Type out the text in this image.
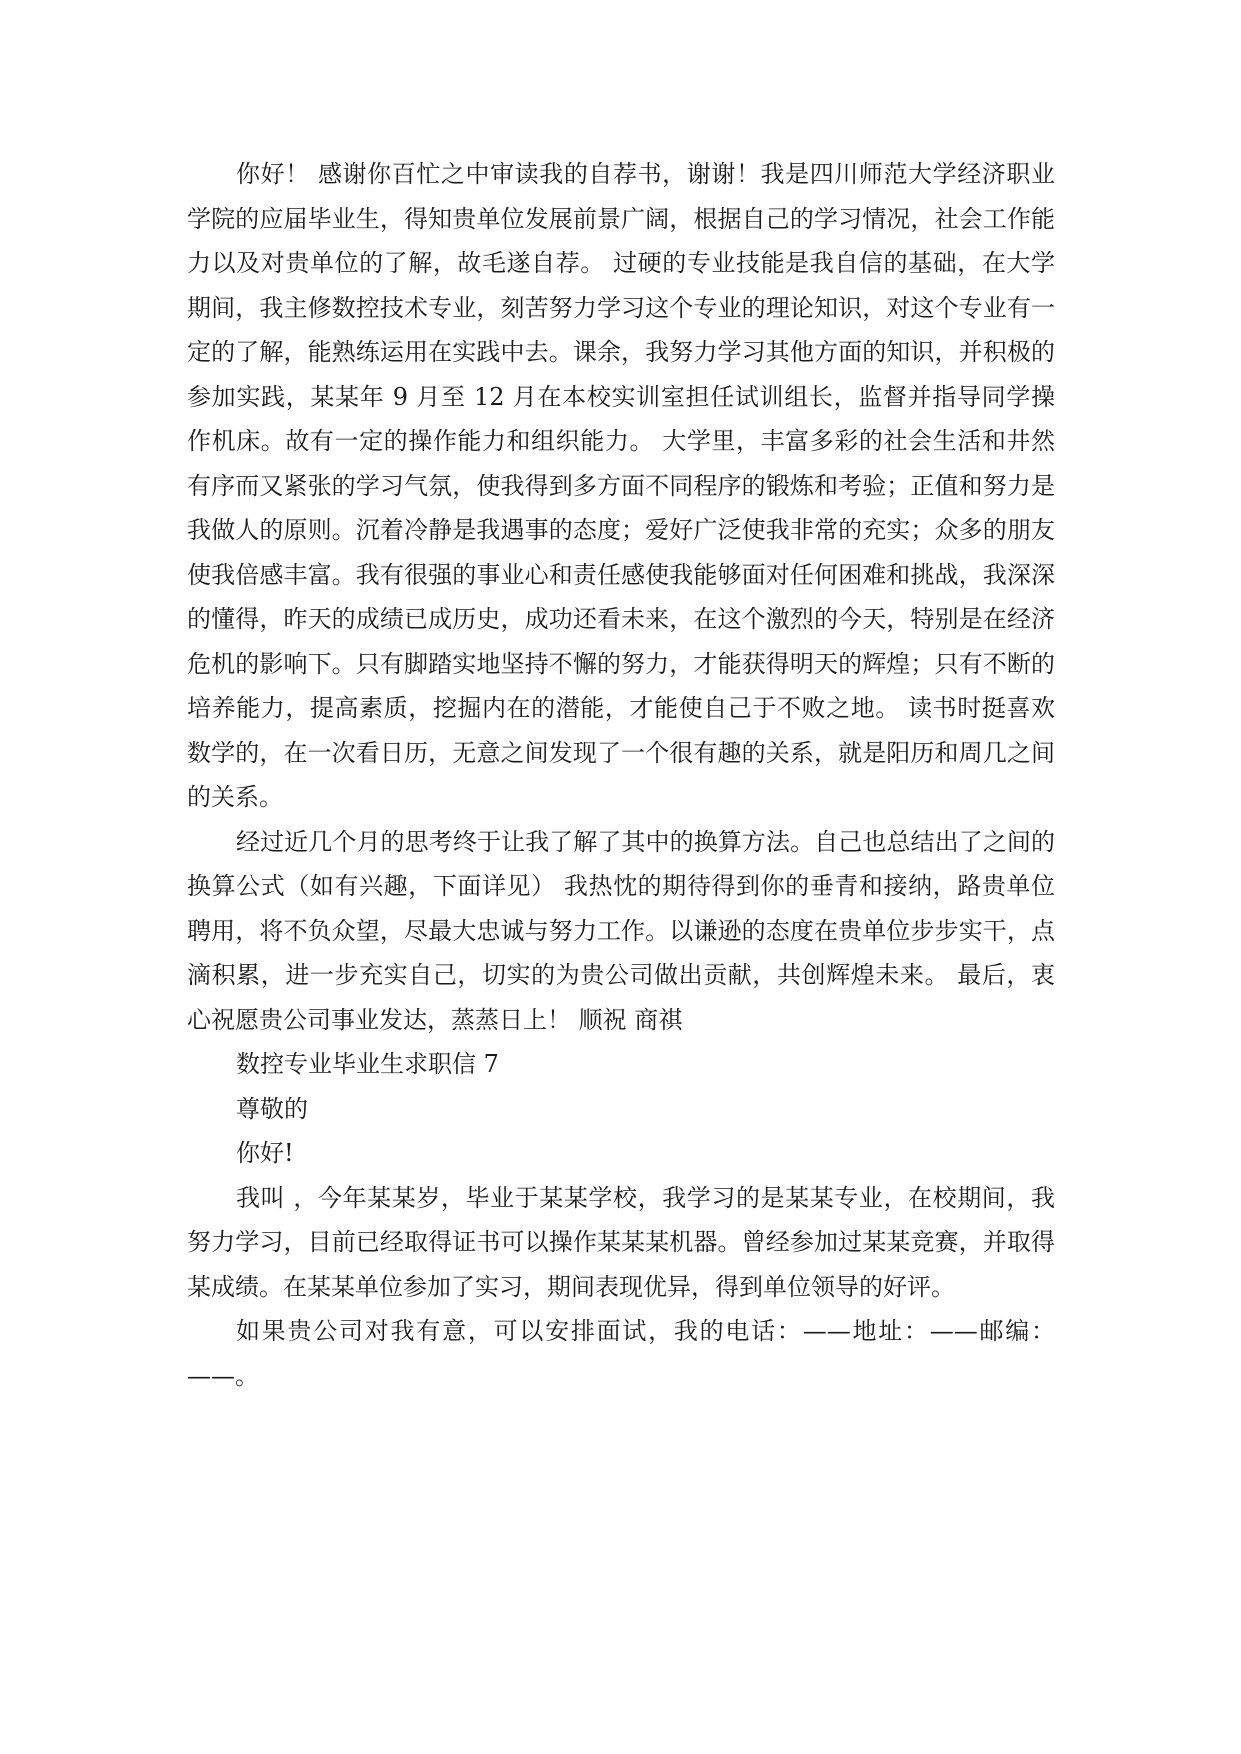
你好！ 感谢你百忙之中审读我的自荐书，谢谢！我是四川师范大学经济职业学院的应届毕业生，得知贵单位发展前景广阔，根据自己的学习情况，社会工作能力以及对贵单位的了解，故毛遂自荐。 过硬的专业技能是我自信的基础，在大学期间，我主修数控技术专业，刻苦努力学习这个专业的理论知识，对这个专业有一定的了解，能熟练运用在实践中去。课余，我努力学习其他方面的知识，并积极的参加实践，某某年 9 月至 12 月在本校实训室担任试训组长，监督并指导同学操作机床。故有一定的操作能力和组织能力。 大学里，丰富多彩的社会生活和井然有序而又紧张的学习气氛，使我得到多方面不同程序的锻炼和考验；正值和努力是我做人的原则。沉着冷静是我遇事的态度；爱好广泛使我非常的充实；众多的朋友使我倍感丰富。我有很强的事业心和责任感使我能够面对任何困难和挑战，我深深的懂得，昨天的成绩已成历史，成功还看未来，在这个激烈的今天，特别是在经济危机的影响下。只有脚踏实地坚持不懈的努力，才能获得明天的辉煌；只有不断的培养能力，提高素质，挖掘内在的潜能，才能使自己于不败之地。 读书时挺喜欢数学的，在一次看日历，无意之间发现了一个很有趣的关系，就是阳历和周几之间的关系。

经过近几个月的思考终于让我了解了其中的换算方法。自己也总结出了之间的换算公式（如有兴趣，下面详见） 我热忱的期待得到你的垂青和接纳，路贵单位聘用，将不负众望，尽最大忠诚与努力工作。以谦逊的态度在贵单位步步实干，点滴积累，进一步充实自己，切实的为贵公司做出贡献，共创辉煌未来。 最后，衷心祝愿贵公司事业发达，蒸蒸日上！ 顺祝 商祺

数控专业毕业生求职信 7

尊敬的

你好!

我叫 ，今年某某岁，毕业于某某学校，我学习的是某某专业，在校期间，我努力学习，目前已经取得证书可以操作某某某机器。曾经参加过某某竞赛，并取得某成绩。在某某单位参加了实习，期间表现优异，得到单位领导的好评。

如果贵公司对我有意，可以安排面试，我的电话：——地址：——邮编：——。
